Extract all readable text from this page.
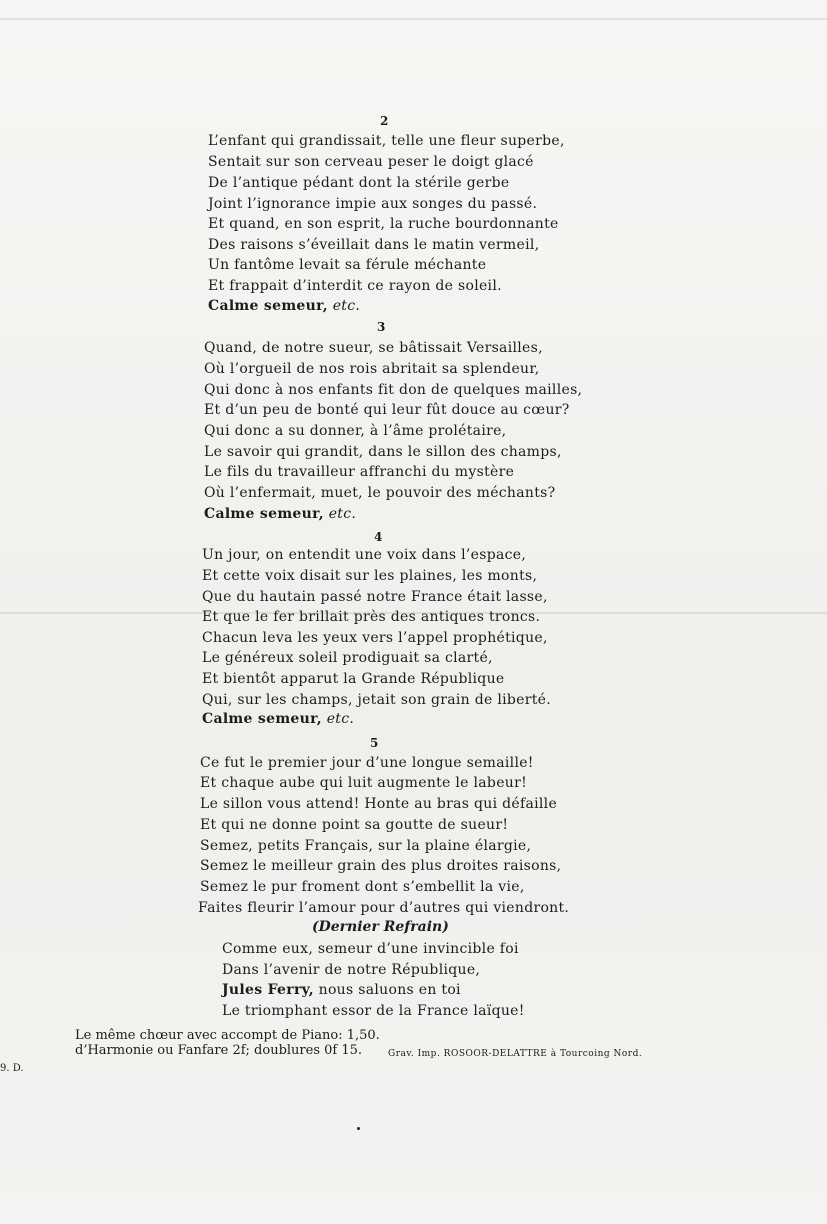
2
L’enfant qui grandissait, telle une fleur superbe,
Sentait sur son cerveau peser le doigt glacé
De l’antique pédant dont la stérile gerbe
Joint l’ignorance impie aux songes du passé.
Et quand, en son esprit, la ruche bourdonnante
Des raisons s’éveillait dans le matin vermeil,
Un fantôme levait sa férule méchante
Et frappait d’interdit ce rayon de soleil.
Calme semeur, etc.
3
Quand, de notre sueur, se bâtissait Versailles,
Où l’orgueil de nos rois abritait sa splendeur,
Qui donc à nos enfants fit don de quelques mailles,
Et d’un peu de bonté qui leur fût douce au cœur?
Qui donc a su donner, à l’âme prolétaire,
Le savoir qui grandit, dans le sillon des champs,
Le fils du travailleur affranchi du mystère
Où l’enfermait, muet, le pouvoir des méchants?
Calme semeur, etc.
4
Un jour, on entendit une voix dans l’espace,
Et cette voix disait sur les plaines, les monts,
Que du hautain passé notre France était lasse,
Et que le fer brillait près des antiques troncs.
Chacun leva les yeux vers l’appel prophétique,
Le généreux soleil prodiguait sa clarté,
Et bientôt apparut la Grande République
Qui, sur les champs, jetait son grain de liberté.
Calme semeur, etc.
5
Ce fut le premier jour d’une longue semaille!
Et chaque aube qui luit augmente le labeur!
Le sillon vous attend! Honte au bras qui défaille
Et qui ne donne point sa goutte de sueur!
Semez, petits Français, sur la plaine élargie,
Semez le meilleur grain des plus droites raisons,
Semez le pur froment dont s’embellit la vie,
Faites fleurir l’amour pour d’autres qui viendront.
(Dernier Refrain)
Comme eux, semeur d’une invincible foi
Dans l’avenir de notre République,
Jules Ferry, nous saluons en toi
Le triomphant essor de la France laïque!
Le même chœur avec accompt de Piano: 1,50.
d’Harmonie ou Fanfare 2f; doublures 0f 15.	Grav. Imp. ROSOOR-DELATTRE à Tourcoing Nord.
9. D.
